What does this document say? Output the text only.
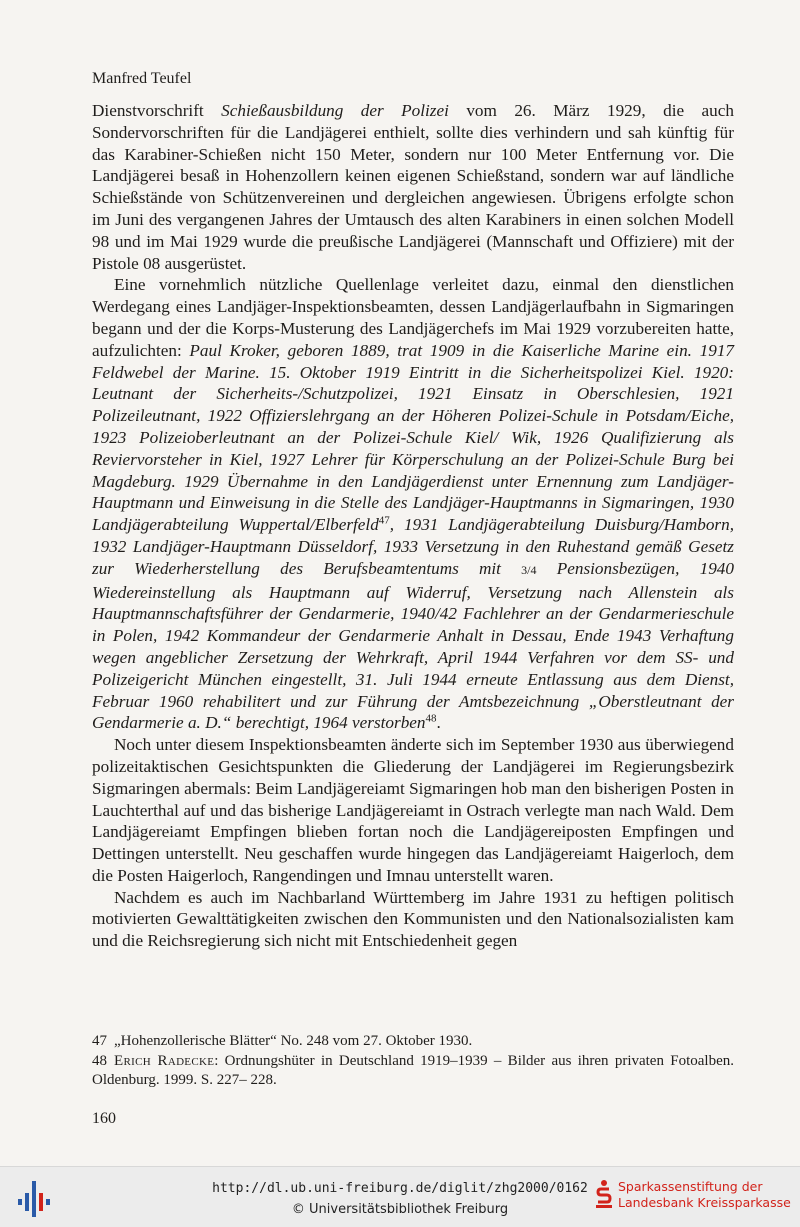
Manfred Teufel

Dienstvorschrift Schießausbildung der Polizei vom 26. März 1929, die auch Sondervorschriften für die Landjägerei enthielt, sollte dies verhindern und sah künftig für das Karabiner-Schießen nicht 150 Meter, sondern nur 100 Meter Entfernung vor. Die Landjägerei besaß in Hohenzollern keinen eigenen Schießstand, sondern war auf ländliche Schießstände von Schützenvereinen und dergleichen angewiesen. Übrigens erfolgte schon im Juni des vergangenen Jahres der Umtausch des alten Karabiners in einen solchen Modell 98 und im Mai 1929 wurde die preußische Landjägerei (Mannschaft und Offiziere) mit der Pistole 08 ausgerüstet.

Eine vornehmlich nützliche Quellenlage verleitet dazu, einmal den dienstlichen Werdegang eines Landjäger-Inspektionsbeamten, dessen Landjägerlaufbahn in Sigmaringen begann und der die Korps-Musterung des Landjägerchefs im Mai 1929 vorzubereiten hatte, aufzulichten: Paul Kroker, geboren 1889, trat 1909 in die Kaiserliche Marine ein. 1917 Feldwebel der Marine. 15. Oktober 1919 Eintritt in die Sicherheitspolizei Kiel. 1920: Leutnant der Sicherheits-/Schutzpolizei, 1921 Einsatz in Oberschlesien, 1921 Polizeileutnant, 1922 Offizierslehrgang an der Höheren Polizei-Schule in Potsdam/Eiche, 1923 Polizeioberleutnant an der Polizei-Schule Kiel/ Wik, 1926 Qualifizierung als Reviervorsteher in Kiel, 1927 Lehrer für Körperschulung an der Polizei-Schule Burg bei Magdeburg. 1929 Übernahme in den Landjägerdienst unter Ernennung zum Landjäger-Hauptmann und Einweisung in die Stelle des Landjäger-Hauptmanns in Sigmaringen, 1930 Landjägerabteilung Wuppertal/Elberfeld$^{47}$, 1931 Landjägerabteilung Duisburg/Hamborn, 1932 Landjäger-Hauptmann Düsseldorf, 1933 Versetzung in den Ruhestand gemäß Gesetz zur Wiederherstellung des Berufsbeamtentums mit 3/4 Pensionsbezügen, 1940 Wiedereinstellung als Hauptmann auf Widerruf, Versetzung nach Allenstein als Hauptmannschaftsführer der Gendarmerie, 1940/42 Fachlehrer an der Gendarmerieschule in Polen, 1942 Kommandeur der Gendarmerie Anhalt in Dessau, Ende 1943 Verhaftung wegen angeblicher Zersetzung der Wehrkraft, April 1944 Verfahren vor dem SS- und Polizeigericht München eingestellt, 31. Juli 1944 erneute Entlassung aus dem Dienst, Februar 1960 rehabilitert und zur Führung der Amtsbezeichnung „Oberstleutnant der Gendarmerie a. D.“ berechtigt, 1964 verstorben$^{48}$.

Noch unter diesem Inspektionsbeamten änderte sich im September 1930 aus überwiegend polizeitaktischen Gesichtspunkten die Gliederung der Landjägerei im Regierungsbezirk Sigmaringen abermals: Beim Landjägereiamt Sigmaringen hob man den bisherigen Posten in Lauchterthal auf und das bisherige Landjägereiamt in Ostrach verlegte man nach Wald. Dem Landjägereiamt Empfingen blieben fortan noch die Landjägereiposten Empfingen und Dettingen unterstellt. Neu geschaffen wurde hingegen das Landjägereiamt Haigerloch, dem die Posten Haigerloch, Rangendingen und Imnau unterstellt waren.

Nachdem es auch im Nachbarland Württemberg im Jahre 1931 zu heftigen politisch motivierten Gewalttätigkeiten zwischen den Kommunisten und den Nationalsozialisten kam und die Reichsregierung sich nicht mit Entschiedenheit gegen

47 „Hohenzollerische Blätter“ No. 248 vom 27. Oktober 1930.

48 Erich Radecke: Ordnungshüter in Deutschland 1919–1939 – Bilder aus ihren privaten Fotoalben. Oldenburg. 1999. S. 227– 228.

160
http://dl.ub.uni-freiburg.de/diglit/zhg2000/0162
© Universitätsbibliothek Freiburg
Sparkassenstiftung der
Landesbank Kreissparkasse
